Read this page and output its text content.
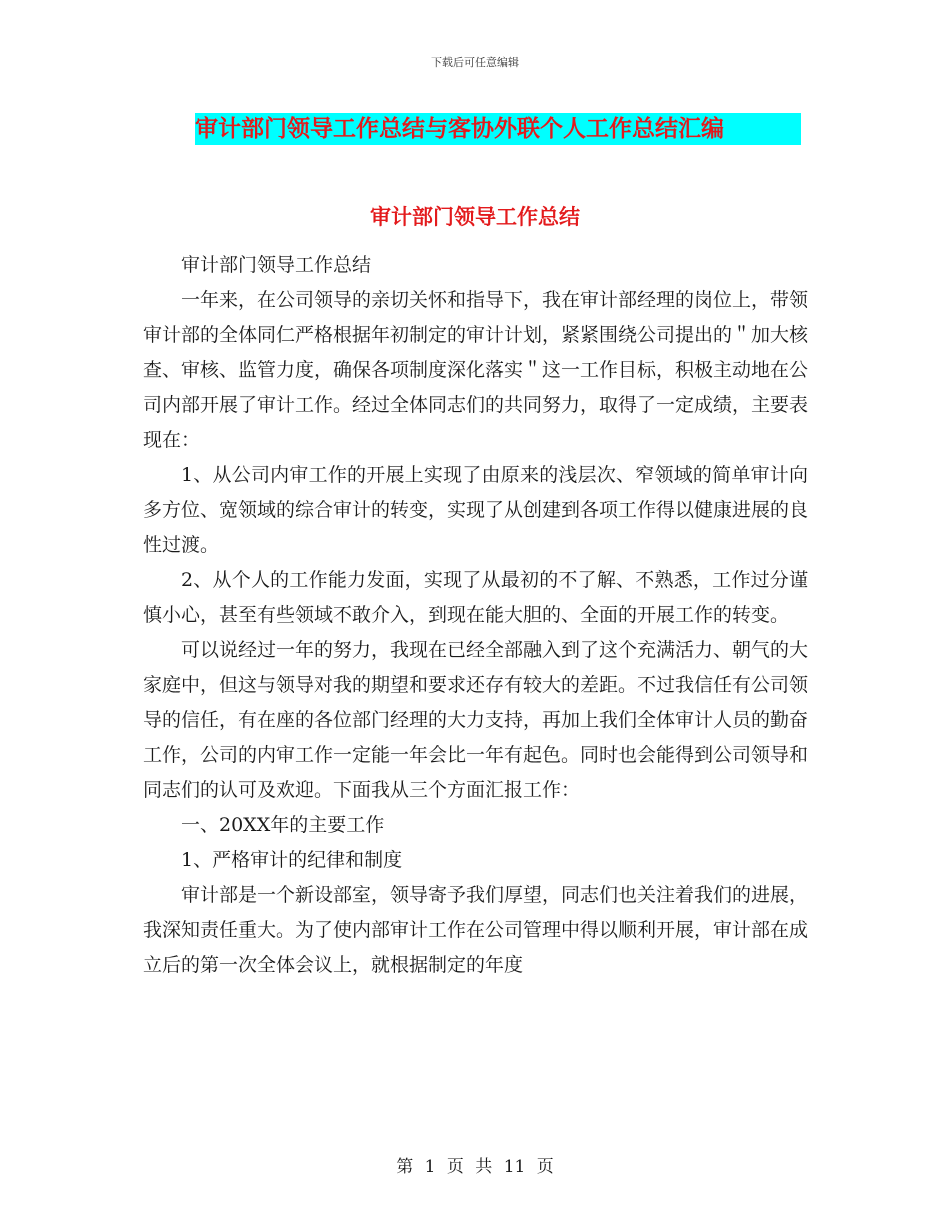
下载后可任意编辑
审计部门领导工作总结与客协外联个人工作总结汇编
审计部门领导工作总结

审计部门领导工作总结

一年来，在公司领导的亲切关怀和指导下，我在审计部经理的岗位上，带领审计部的全体同仁严格根据年初制定的审计计划，紧紧围绕公司提出的＂加大核查、审核、监管力度，确保各项制度深化落实＂这一工作目标，积极主动地在公司内部开展了审计工作。经过全体同志们的共同努力，取得了一定成绩，主要表现在：

1、从公司内审工作的开展上实现了由原来的浅层次、窄领域的简单审计向多方位、宽领域的综合审计的转变，实现了从创建到各项工作得以健康进展的良性过渡。

2、从个人的工作能力发面，实现了从最初的不了解、不熟悉，工作过分谨慎小心，甚至有些领域不敢介入，到现在能大胆的、全面的开展工作的转变。

可以说经过一年的努力，我现在已经全部融入到了这个充满活力、朝气的大家庭中，但这与领导对我的期望和要求还存有较大的差距。不过我信任有公司领导的信任，有在座的各位部门经理的大力支持，再加上我们全体审计人员的勤奋工作，公司的内审工作一定能一年会比一年有起色。同时也会能得到公司领导和同志们的认可及欢迎。下面我从三个方面汇报工作：

一、20XX年的主要工作

1、严格审计的纪律和制度

审计部是一个新设部室，领导寄予我们厚望，同志们也关注着我们的进展，我深知责任重大。为了使内部审计工作在公司管理中得以顺利开展，审计部在成立后的第一次全体会议上，就根据制定的年度

第 1 页 共 11 页
